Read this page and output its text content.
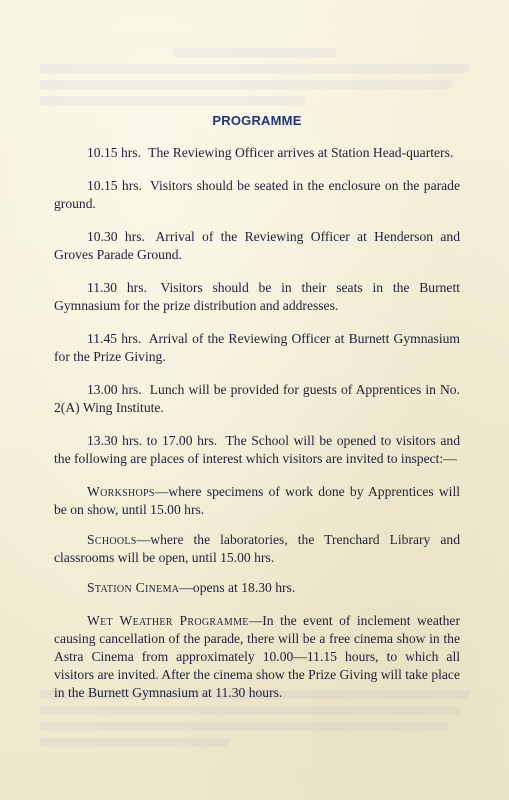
PROGRAMME

10.15 hrs. The Reviewing Officer arrives at Station Head-quarters.

10.15 hrs. Visitors should be seated in the enclosure on the parade ground.

10.30 hrs. Arrival of the Reviewing Officer at Henderson and Groves Parade Ground.

11.30 hrs. Visitors should be in their seats in the Burnett Gymnasium for the prize distribution and addresses.

11.45 hrs. Arrival of the Reviewing Officer at Burnett Gymnasium for the Prize Giving.

13.00 hrs. Lunch will be provided for guests of Apprentices in No. 2(A) Wing Institute.

13.30 hrs. to 17.00 hrs. The School will be opened to visitors and the following are places of interest which visitors are invited to inspect:—

Workshops—where specimens of work done by Apprentices will be on show, until 15.00 hrs.

Schools—where the laboratories, the Trenchard Library and classrooms will be open, until 15.00 hrs.

Station Cinema—opens at 18.30 hrs.

Wet Weather Programme—In the event of inclement weather causing cancellation of the parade, there will be a free cinema show in the Astra Cinema from approximately 10.00—11.15 hours, to which all visitors are invited. After the cinema show the Prize Giving will take place in the Burnett Gymnasium at 11.30 hours.
